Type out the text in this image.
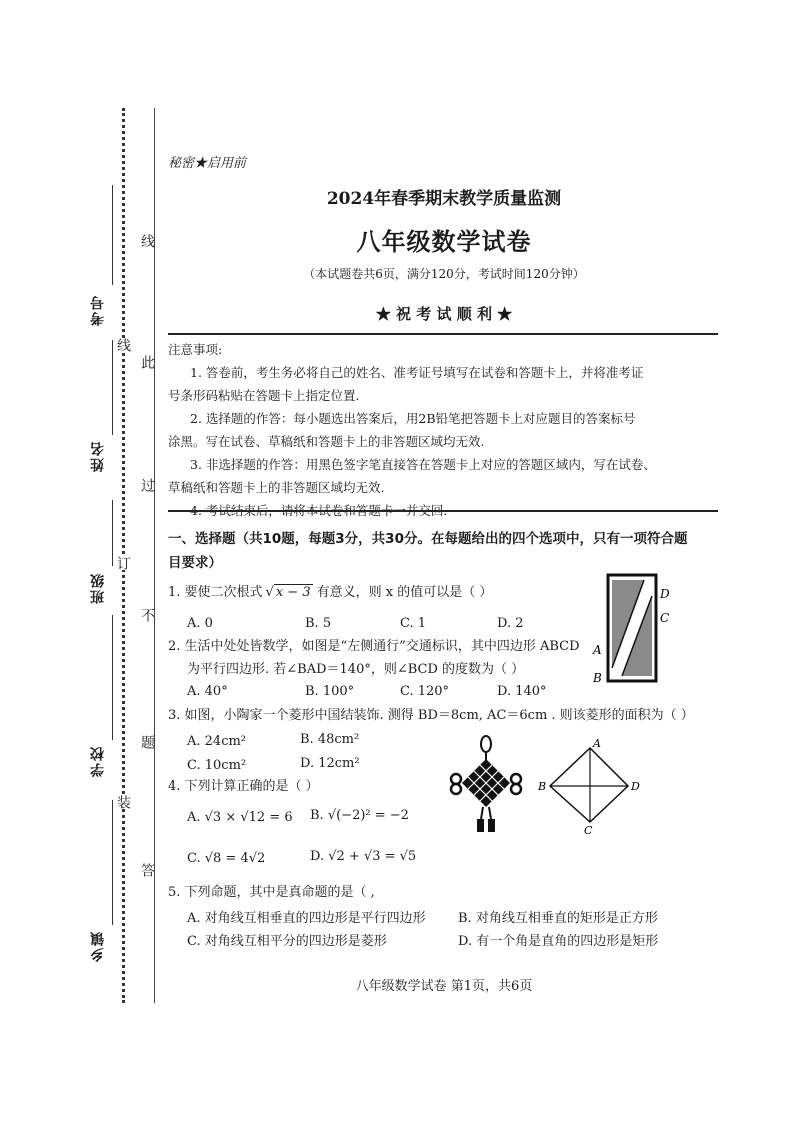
考号
姓名
班级
学校
乡镇
线
订
装
线
此
过
不
题
答
秘密★启用前
2024年春季期末教学质量监测
八年级数学试卷
（本试题卷共6页，满分120分，考试时间120分钟）
★ 祝 考 试 顺 利 ★

注意事项:

1. 答卷前，考生务必将自己的姓名、准考证号填写在试卷和答题卡上，并将准考证

号条形码粘贴在答题卡上指定位置.

2. 选择题的作答：每小题选出答案后，用2B铅笔把答题卡上对应题目的答案标号

涂黑。写在试卷、草稿纸和答题卡上的非答题区域均无效.

3. 非选择题的作答：用黑色签字笔直接答在答题卡上对应的答题区域内，写在试卷、

草稿纸和答题卡上的非答题区域均无效.

4. 考试结束后，请将本试卷和答题卡一并交回.

一、选择题（共10题，每题3分，共30分。在每题给出的四个选项中，只有一项符合题
目要求）
1. 要使二次根式 √ x − 3 有意义，则 x 的值可以是（ ）
A. 0	B. 5	C. 1	D. 2
D
C
A
B
2. 生活中处处皆数学，如图是“左侧通行”交通标识，其中四边形 ABCD
为平行四边形. 若∠BAD＝140°，则∠BCD 的度数为（ ）
A. 40°	B. 100°	C. 120°	D. 140°
3. 如图，小陶家一个菱形中国结装饰. 测得 BD＝8cm, AC＝6cm . 则该菱形的面积为（ ）
A. 24cm²	B. 48cm²
C. 10cm²	D. 12cm²
A
B	D
C
4. 下列计算正确的是（ ）
A. √3 × √12 = 6 B. √(−2)² = −2
C. √8 = 4√2	D. √2 + √3 = √5
5. 下列命题，其中是真命题的是（ ,
A. 对角线互相垂直的四边形是平行四边形 B. 对角线互相垂直的矩形是正方形
C. 对角线互相平分的四边形是菱形	D. 有一个角是直角的四边形是矩形
八年级数学试卷 第1页，共6页
